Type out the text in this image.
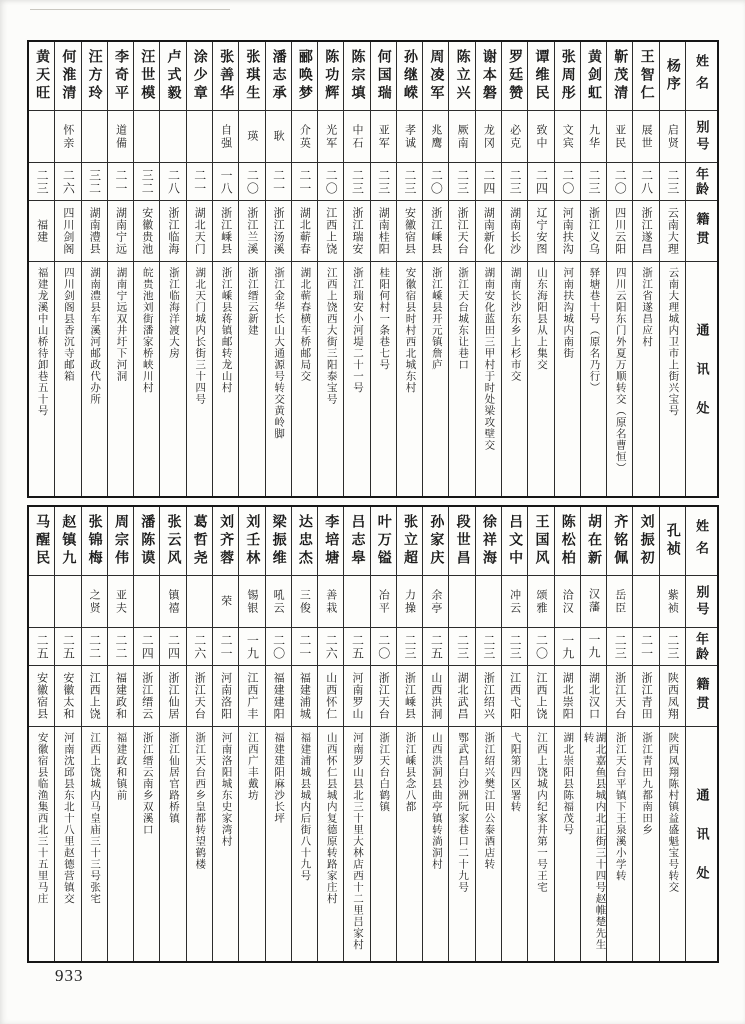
姓名
别号
年龄
籍贯
通讯处
杨序
启贤
二三
云南大理
云南大理城内卫市上街兴宝号
王智仁
展世
二八
浙江遂昌
浙江省遂昌应村
靳茂清
亚民
二〇
四川云阳
四川云阳东门外夏万顺转交（原名曹恒）
黄剑虹
九华
二三
浙江义乌
驿塘巷十号（原名乃行）
张周彤
文宾
二〇
河南扶沟
河南扶沟城内南街
谭维民
致中
二四
辽宁安图
山东海阳县从上集交
罗廷赞
必克
二三
湖南长沙
湖南长沙东乡上杉市交
谢本磐
龙冈
二四
湖南新化
湖南安化蓝田三甲村于时处梁攻壁交
陈立兴
厥南
二三
浙江天台
浙江天台城东让巷口
周凌军
兆鹰
二〇
浙江嵊县
浙江嵊县开元镇詹庐
孙继嵘
孝诚
二三
安徽宿县
安徽宿县时村西北城东村
何国瑞
亚军
二三
湖南桂阳
桂阳何村一条巷七号
陈宗填
中石
二三
浙江瑞安
浙江瑞安小河堤二十一号
陈功辉
光军
二〇
江西上饶
江西上饶西大街三阳泰宝号
郦唤梦
介英
二一
湖北蕲春
湖北蕲春横车桥邮局交
潘志承
耿
二一
浙江汤溪
浙江金华长山大通源号转交黄岭脚
张琪生
瑛
二〇
浙江兰溪
浙江缙云新建
张善华
自强
一八
浙江嵊县
浙江嵊县蒋镇邮转龙山村
涂少章
二一
湖北天门
湖北天门城内长街三十四号
卢式毅
二八
浙江临海
浙江临海洋渡大房
汪世模
三二
安徽贵池
皖贵池刘街潘家桥峡川村
李奇平
道備
二一
湖南宁远
湖南宁远双井圩下河洞
汪方玲
三二
湖南澧县
湖南澧县车溪河邮政代办所
何淮清
怀亲
二六
四川剑阁
四川剑阁县香沉寺邮箱
黄天旺
二三
福建
福建龙溪中山桥待卸巷五十号
姓名
别号
年龄
籍贯
通讯处
孔祯
紫祯
二三
陕西凤翔
陕西凤翔陈村镇益盛魁宝号转交
刘振初
二一
浙江青田
浙江青田九都南田乡
齐铭佩
岳臣
二三
浙江天台
浙江天台平镇下王泉溪小学转
胡在新
汉藩
一九
湖北汉口
湖北嘉鱼县城内北正街三十四号赵帷楚先生转
陈松柏
洽汉
一九
湖北崇阳
湖北崇阳县陈福茂号
王国风
颂雅
二〇
江西上饶
江西上饶城内纪家井第一号王宅
吕文中
冲云
二三
江西弋阳
弋阳第四区署转
徐祥海
二三
浙江绍兴
浙江绍兴樊江田公泰酒店转
段世昌
二三
湖北武昌
鄂武昌白沙洲阮家巷口二十九号
孙家庆
余亭
二五
山西洪洞
山西洪洞县曲亭镇转淌洞村
张立超
力操
二三
浙江嵊县
浙江嵊县念八都
叶万镒
冶平
二〇
浙江天台
浙江天台白鹤镇
吕志皋
二五
河南罗山
河南罗山县北三十里大林店西十二里吕家村
李培塘
善栽
二六
山西怀仁
山西怀仁县城内复德原转路家庄村
达忠杰
三俊
二一
福建浦城
福建浦城县城内后街八十九号
梁振维
吼云
二〇
福建建阳
福建建阳麻沙长坪
刘壬林
锡银
一九
江西广丰
江西广丰戴坊
刘齐蓉
荣
二一
河南洛阳
河南洛阳城东史家湾村
葛哲尧
二六
浙江天台
浙江天台西乡皇都转望鹤楼
张云风
镇禧
二四
浙江仙居
浙江仙居官路桥镇
潘陈谟
二四
浙江缙云
浙江缙云南乡双溪口
周宗伟
亚夫
二二
福建政和
福建政和镇前
张锦梅
之贤
二二
江西上饶
江西上饶城内马皇庙三十三号张宅
赵镇九
二五
安徽太和
河南沈邱县东北十八里赵德营镇交
马醒民
二五
安徽宿县
安徽宿县临渔集西北三十五里马庄
933
